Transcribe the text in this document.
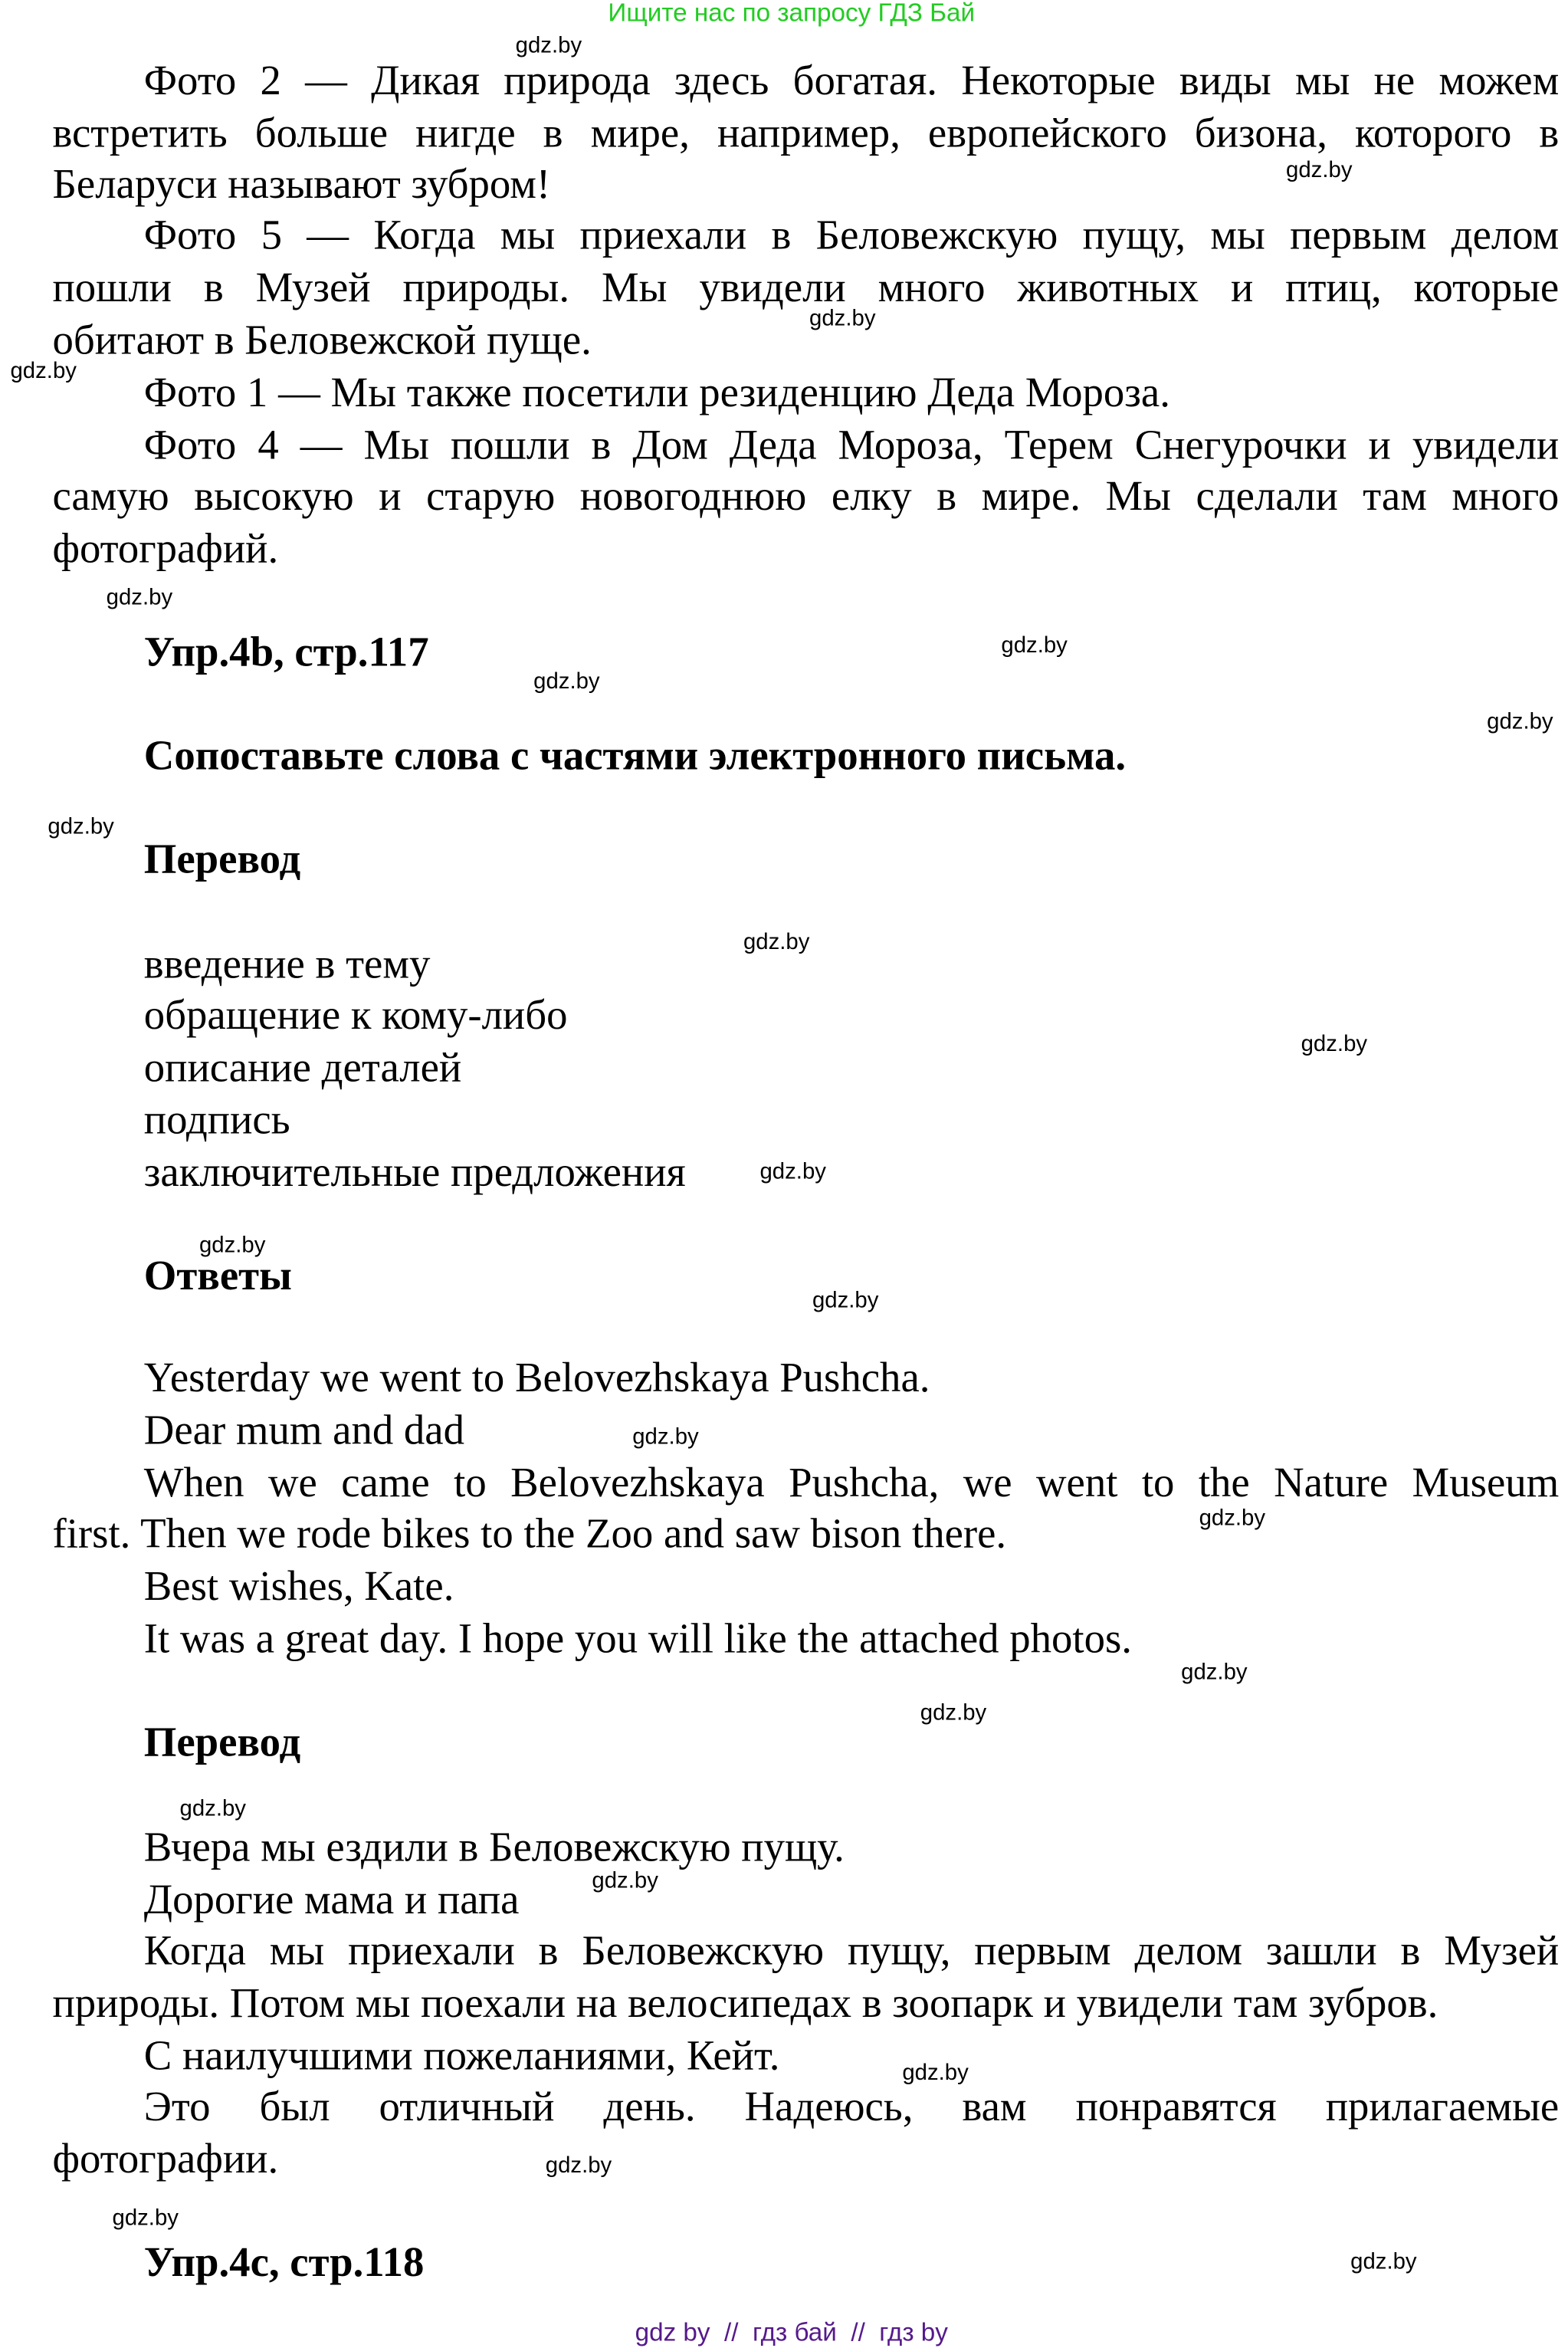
Ищите нас по запросу ГДЗ Бай
Фото 2 — Дикая природа здесь богатая. Некоторые виды мы не можем
встретить больше нигде в мире, например, европейского бизона, которого в
Беларуси называют зубром!
Фото 5 — Когда мы приехали в Беловежскую пущу, мы первым делом
пошли в Музей природы. Мы увидели много животных и птиц, которые
обитают в Беловежской пуще.
Фото 1 — Мы также посетили резиденцию Деда Мороза.
Фото 4 — Мы пошли в Дом Деда Мороза, Терем Снегурочки и увидели
самую высокую и старую новогоднюю елку в мире. Мы сделали там много
фотографий.
Упр.4b, стр.117
Сопоставьте слова с частями электронного письма.
Перевод
введение в тему
обращение к кому-либо
описание деталей
подпись
заключительные предложения
Ответы
Yesterday we went to Belovezhskaya Pushcha.
Dear mum and dad
When we came to Belovezhskaya Pushcha, we went to the Nature Museum
first. Then we rode bikes to the Zoo and saw bison there.
Best wishes, Kate.
It was a great day. I hope you will like the attached photos.
Перевод
Вчера мы ездили в Беловежскую пущу.
Дорогие мама и папа
Когда мы приехали в Беловежскую пущу, первым делом зашли в Музей
природы. Потом мы поехали на велосипедах в зоопарк и увидели там зубров.
С наилучшими пожеланиями, Кейт.
Это был отличный день. Надеюсь, вам понравятся прилагаемые
фотографии.
Упр.4c, стр.118
gdz.by
gdz.by
gdz.by
gdz.by
gdz.by
gdz.by
gdz.by
gdz.by
gdz.by
gdz.by
gdz.by
gdz.by
gdz.by
gdz.by
gdz.by
gdz.by
gdz.by
gdz.by
gdz.by
gdz.by
gdz.by
gdz.by
gdz.by
gdz.by
gdz by  //  гдз бай  //  гдз by
